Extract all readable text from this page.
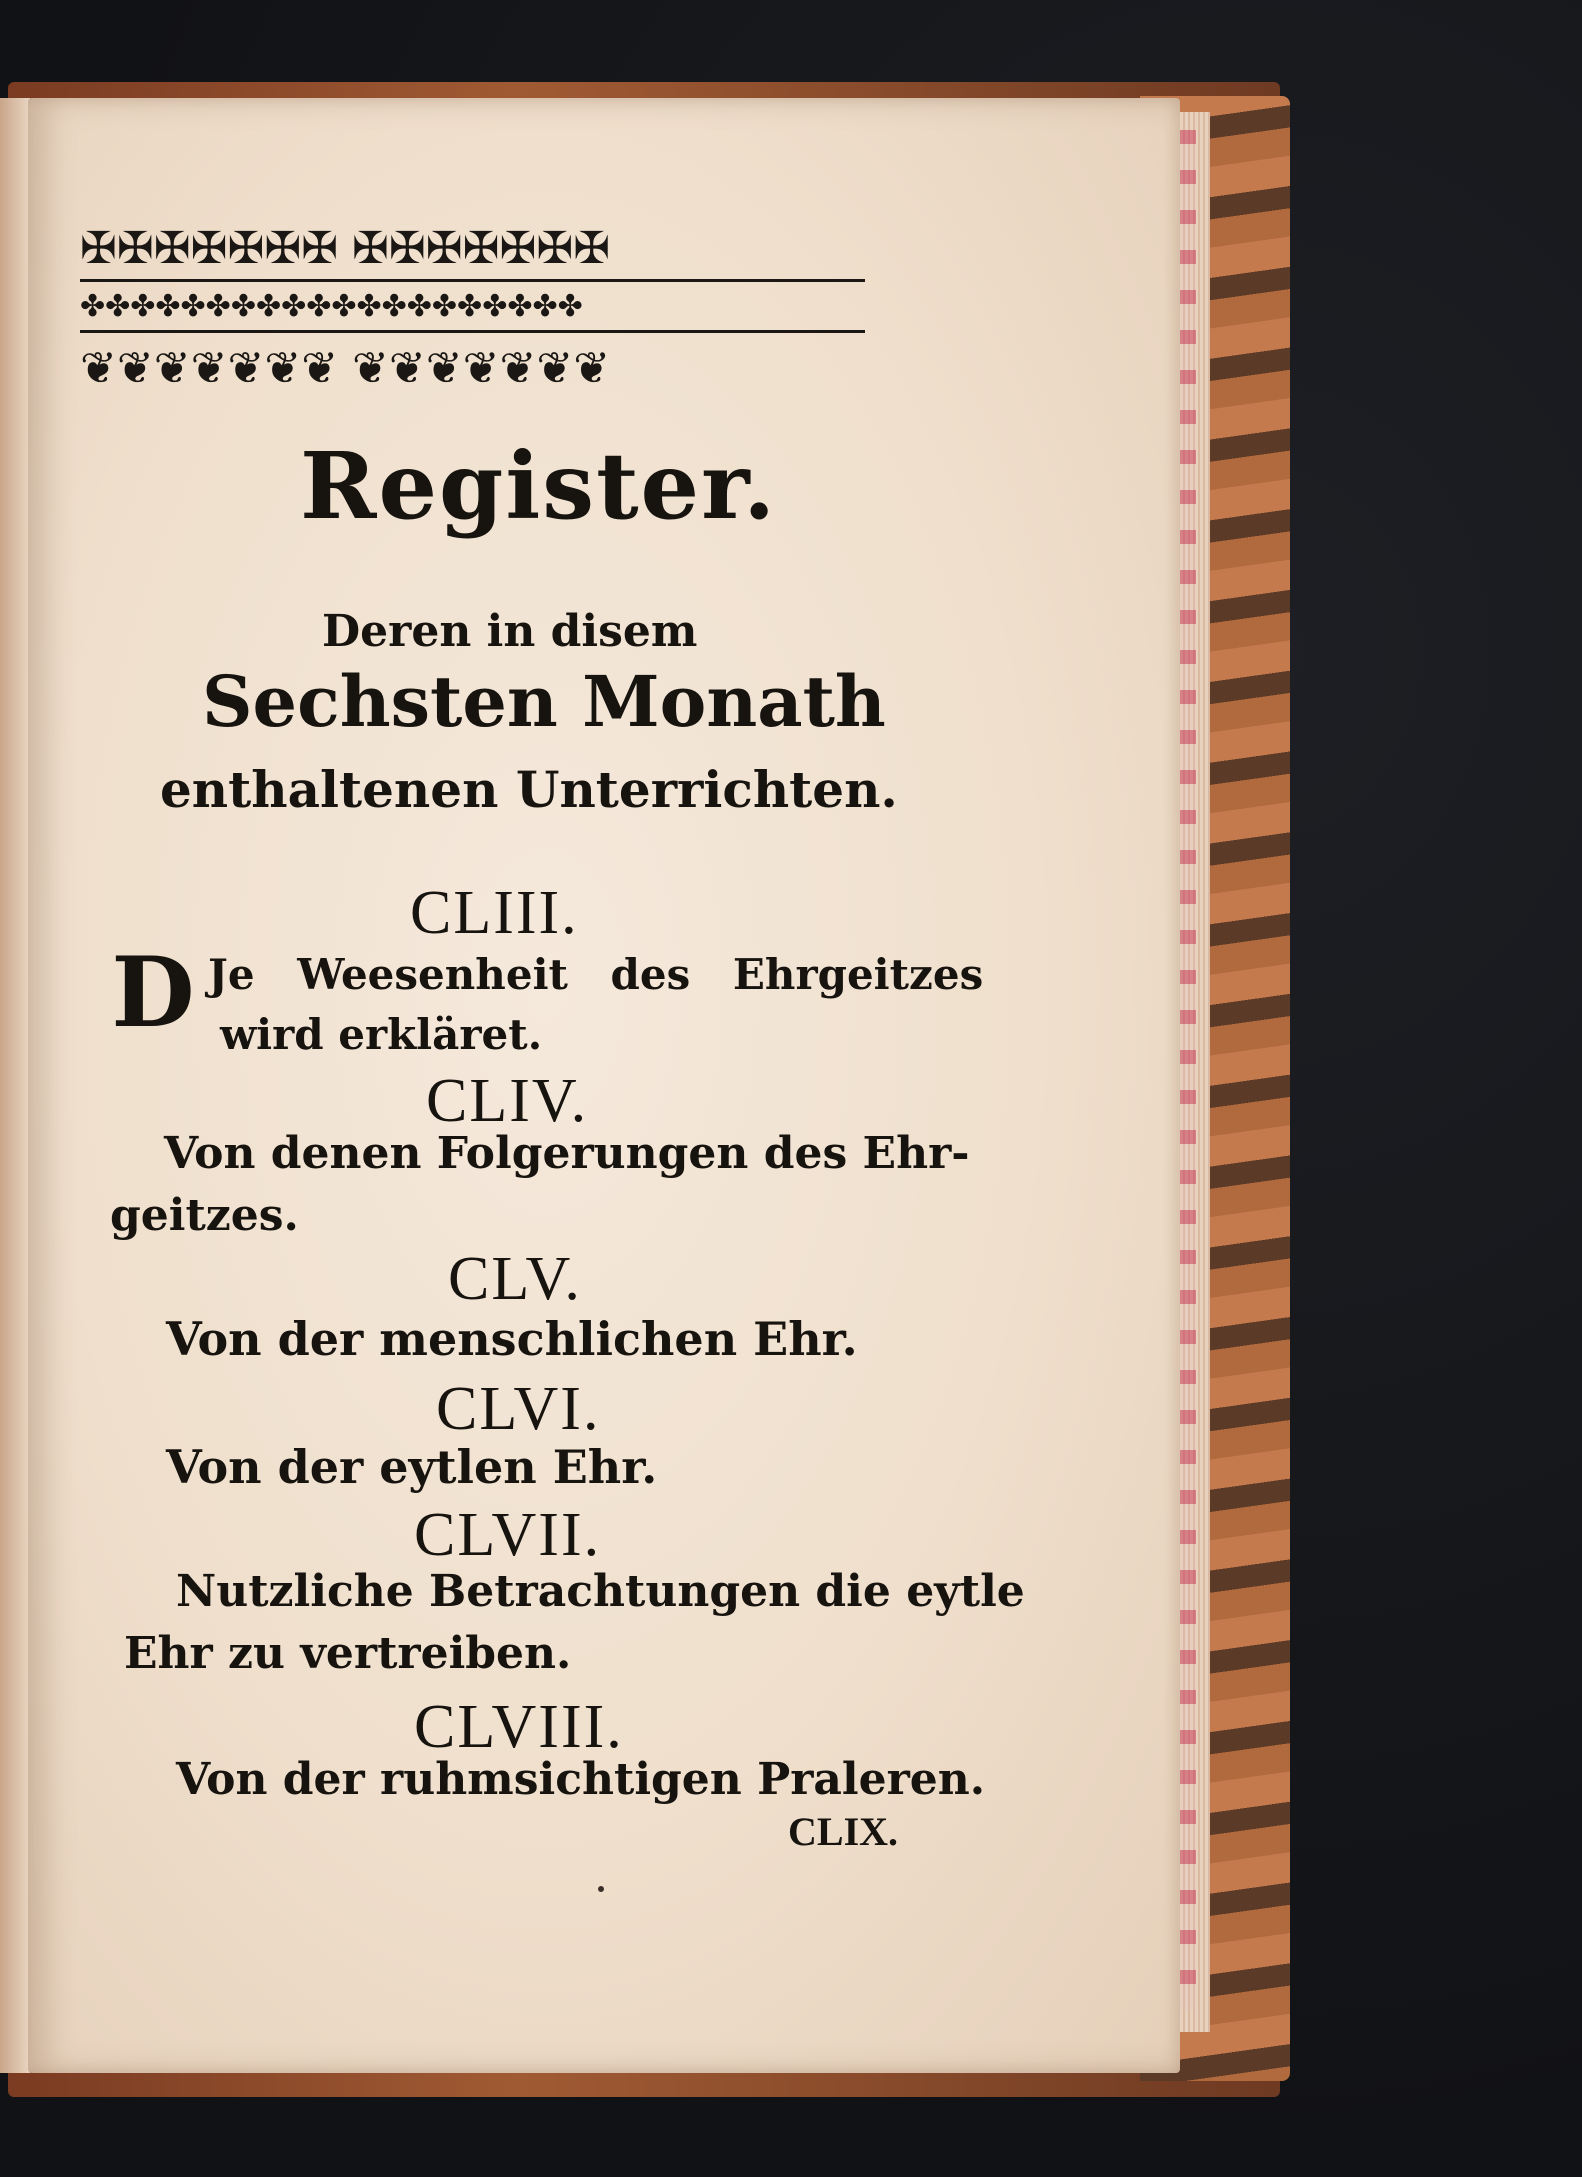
✠✠✠✠✠✠✠ ✠✠✠✠✠✠✠
✤✤✤✤✤✤✤✤✤✤✤✤✤✤✤✤✤✤✤✤
❦❦❦❦❦❦❦ ❦❦❦❦❦❦❦
Register.
Deren in disem
Sechsten Monath
enthaltenen Unterrichten.
CLIII.
D Je Weesenheit des Ehrgeitzes
wird erkläret.
CLIV.
Von denen Folgerungen des Ehr-
geitzes.
CLV.
Von der menschlichen Ehr.
CLVI.
Von der eytlen Ehr.
CLVII.
Nutzliche Betrachtungen die eytle
Ehr zu vertreiben.
CLVIII.
Von der ruhmsichtigen Praleren.
CLIX.
